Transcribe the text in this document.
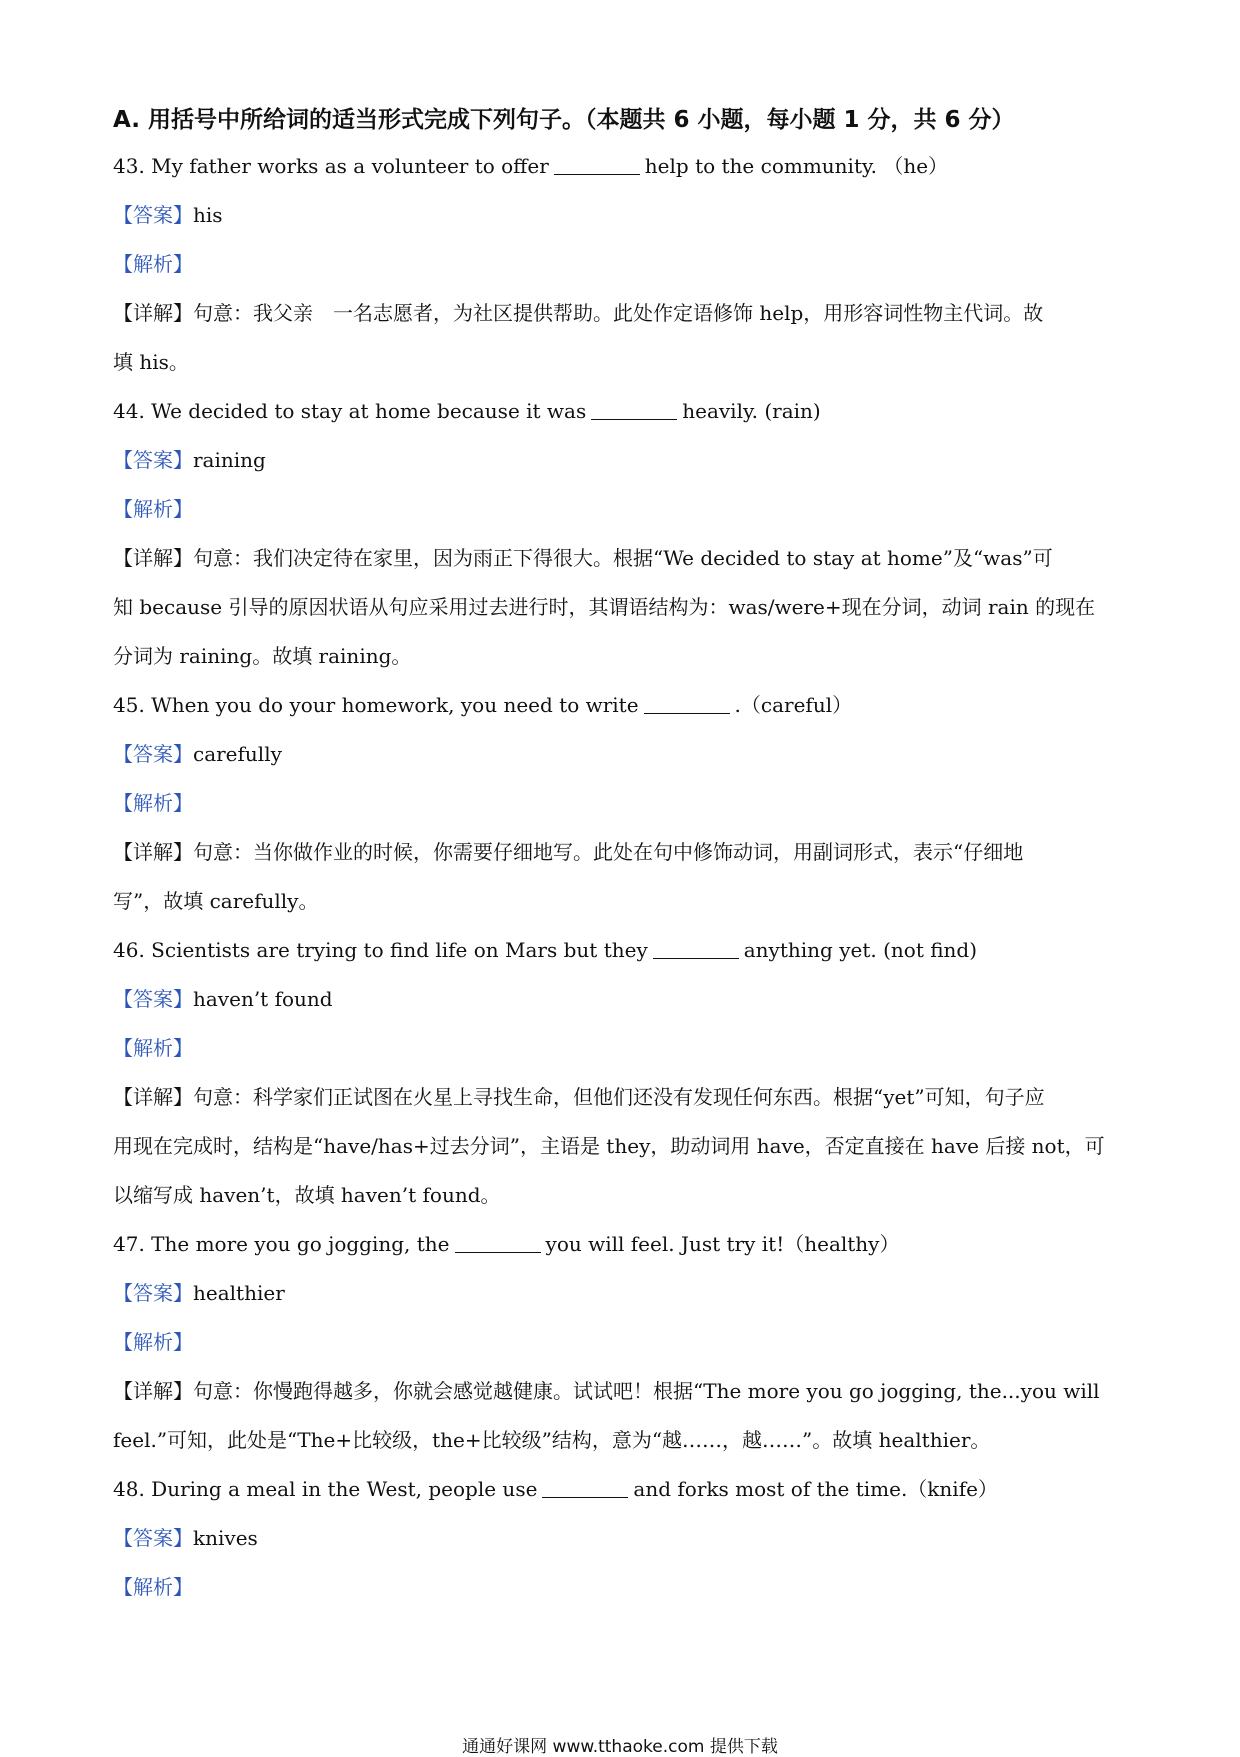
A. 用括号中所给词的适当形式完成下列句子。（本题共 6 小题，每小题 1 分，共 6 分）

43. My father works as a volunteer to offer	help to the community. （he）

【答案】his

【解析】

【详解】句意：我父亲　一名志愿者，为社区提供帮助。此处作定语修饰 help，用形容词性物主代词。故

填 his。

44. We decided to stay at home because it was	heavily. (rain)

【答案】raining

【解析】

【详解】句意：我们决定待在家里，因为雨正下得很大。根据“We decided to stay at home”及“was”可

知 because 引导的原因状语从句应采用过去进行时，其谓语结构为：was/were+现在分词，动词 rain 的现在

分词为 raining。故填 raining。

45. When you do your homework, you need to write	.（careful）

【答案】carefully

【解析】

【详解】句意：当你做作业的时候，你需要仔细地写。此处在句中修饰动词，用副词形式，表示“仔细地

写”，故填 carefully。

46. Scientists are trying to find life on Mars but they	anything yet. (not find)

【答案】haven’t found

【解析】

【详解】句意：科学家们正试图在火星上寻找生命，但他们还没有发现任何东西。根据“yet”可知，句子应

用现在完成时，结构是“have/has+过去分词”，主语是 they，助动词用 have，否定直接在 have 后接 not，可

以缩写成 haven’t，故填 haven’t found。

47. The more you go jogging, the	you will feel. Just try it!（healthy）

【答案】healthier

【解析】

【详解】句意：你慢跑得越多，你就会感觉越健康。试试吧！根据“The more you go jogging, the...you will

feel.”可知，此处是“The+比较级，the+比较级”结构，意为“越……，越……”。故填 healthier。

48. During a meal in the West, people use	and forks most of the time.（knife）

【答案】knives

【解析】

通通好课网 www.tthaoke.com 提供下载
